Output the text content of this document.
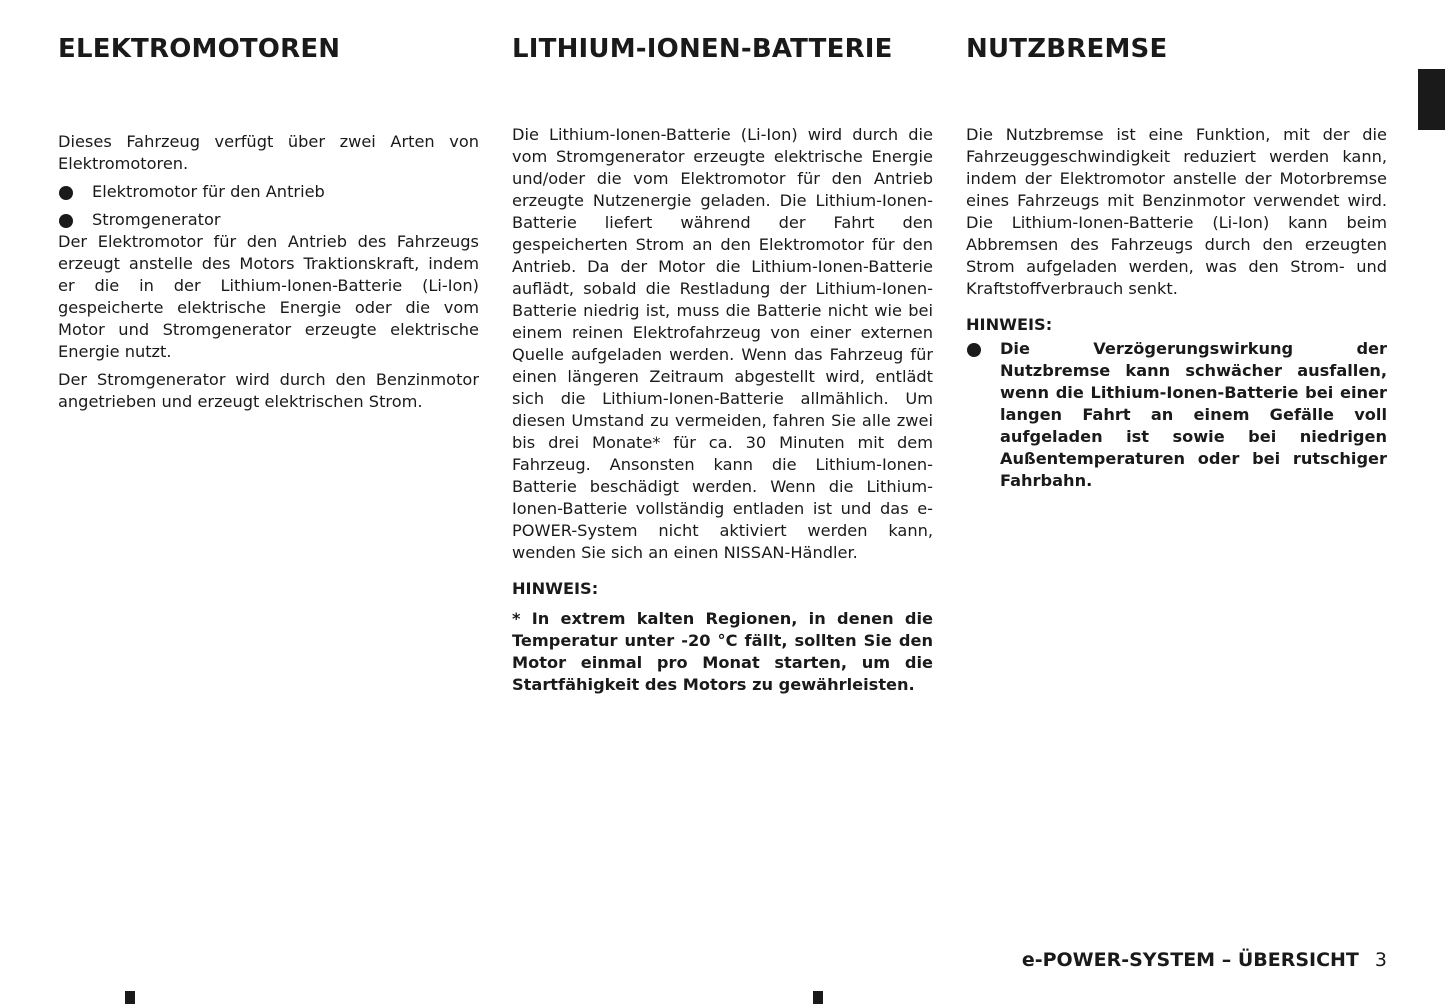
ELEKTROMOTOREN

Dieses Fahrzeug verfügt über zwei Arten von Elektromotoren.

Elektromotor für den Antrieb
Stromgenerator

Der Elektromotor für den Antrieb des Fahrzeugs erzeugt anstelle des Motors Traktionskraft, indem er die in der Lithium-Ionen-Batterie (Li-Ion) gespeicherte elektrische Energie oder die vom Motor und Stromgenerator erzeugte elektrische Energie nutzt.

Der Stromgenerator wird durch den Benzinmotor angetrieben und erzeugt elektrischen Strom.

LITHIUM-IONEN-BATTERIE

Die Lithium-Ionen-Batterie (Li-Ion) wird durch die vom Stromgenerator erzeugte elektrische Energie und/oder die vom Elektromotor für den Antrieb erzeugte Nutzenergie geladen. Die Lithium-Ionen-Batterie liefert während der Fahrt den gespeicherten Strom an den Elektromotor für den Antrieb. Da der Motor die Lithium-Ionen-Batterie auflädt, sobald die Restladung der Lithium-Ionen-Batterie niedrig ist, muss die Batterie nicht wie bei einem reinen Elektrofahrzeug von einer externen Quelle aufgeladen werden. Wenn das Fahrzeug für einen längeren Zeitraum abgestellt wird, entlädt sich die Lithium-Ionen-Batterie allmählich. Um diesen Umstand zu vermeiden, fahren Sie alle zwei bis drei Monate* für ca. 30 Minuten mit dem Fahrzeug. Ansonsten kann die Lithium-Ionen-Batterie beschädigt werden. Wenn die Lithium-Ionen-Batterie vollständig entladen ist und das e-POWER-System nicht aktiviert werden kann, wenden Sie sich an einen NISSAN-Händler.

HINWEIS:

* In extrem kalten Regionen, in denen die Temperatur unter -20 °C fällt, sollten Sie den Motor einmal pro Monat starten, um die Startfähigkeit des Motors zu gewährleisten.

NUTZBREMSE

Die Nutzbremse ist eine Funktion, mit der die Fahrzeuggeschwindigkeit reduziert werden kann, indem der Elektromotor anstelle der Motorbremse eines Fahrzeugs mit Benzinmotor verwendet wird. Die Lithium-Ionen-Batterie (Li-Ion) kann beim Abbremsen des Fahrzeugs durch den erzeugten Strom aufgeladen werden, was den Strom- und Kraftstoffverbrauch senkt.

HINWEIS:

Die Verzögerungswirkung der Nutzbremse kann schwächer ausfallen, wenn die Lithium-Ionen-Batterie bei einer langen Fahrt an einem Gefälle voll aufgeladen ist sowie bei niedrigen Außentemperaturen oder bei rutschiger Fahrbahn.
e-POWER-SYSTEM – ÜBERSICHT 3
